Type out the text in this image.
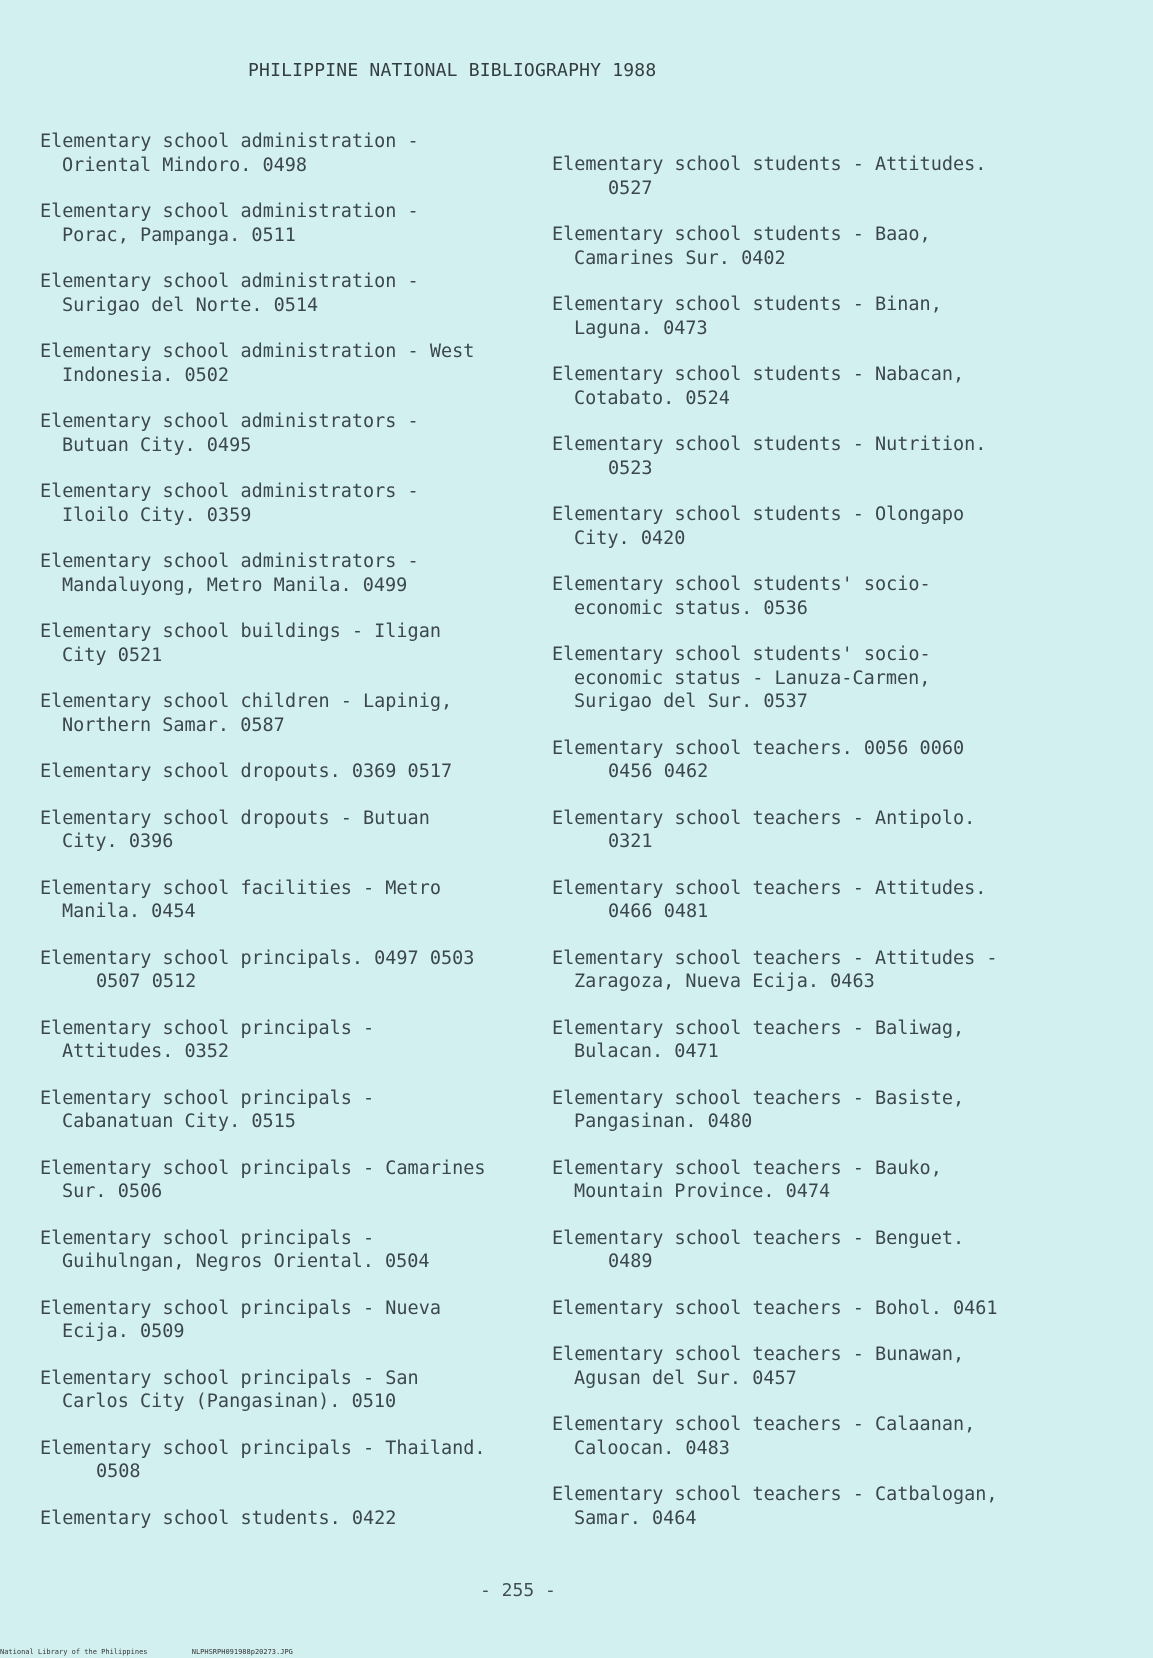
PHILIPPINE NATIONAL BIBLIOGRAPHY 1988
Elementary school administration -
Oriental Mindoro. 0498
Elementary school administration -
Porac, Pampanga. 0511
Elementary school administration -
Surigao del Norte. 0514
Elementary school administration - West
Indonesia. 0502
Elementary school administrators -
Butuan City. 0495
Elementary school administrators -
Iloilo City. 0359
Elementary school administrators -
Mandaluyong, Metro Manila. 0499
Elementary school buildings - Iligan
City 0521
Elementary school children - Lapinig,
Northern Samar. 0587
Elementary school dropouts. 0369 0517
Elementary school dropouts - Butuan
City. 0396
Elementary school facilities - Metro
Manila. 0454
Elementary school principals. 0497 0503
0507 0512
Elementary school principals -
Attitudes. 0352
Elementary school principals -
Cabanatuan City. 0515
Elementary school principals - Camarines
Sur. 0506
Elementary school principals -
Guihulngan, Negros Oriental. 0504
Elementary school principals - Nueva
Ecija. 0509
Elementary school principals - San
Carlos City (Pangasinan). 0510
Elementary school principals - Thailand.
0508
Elementary school students. 0422
Elementary school students - Attitudes.
0527
Elementary school students - Baao,
Camarines Sur. 0402
Elementary school students - Binan,
Laguna. 0473
Elementary school students - Nabacan,
Cotabato. 0524
Elementary school students - Nutrition.
0523
Elementary school students - Olongapo
City. 0420
Elementary school students' socio-
economic status. 0536
Elementary school students' socio-
economic status - Lanuza-Carmen,
Surigao del Sur. 0537
Elementary school teachers. 0056 0060
0456 0462
Elementary school teachers - Antipolo.
0321
Elementary school teachers - Attitudes.
0466 0481
Elementary school teachers - Attitudes -
Zaragoza, Nueva Ecija. 0463
Elementary school teachers - Baliwag,
Bulacan. 0471
Elementary school teachers - Basiste,
Pangasinan. 0480
Elementary school teachers - Bauko,
Mountain Province. 0474
Elementary school teachers - Benguet.
0489
Elementary school teachers - Bohol. 0461
Elementary school teachers - Bunawan,
Agusan del Sur. 0457
Elementary school teachers - Calaanan,
Caloocan. 0483
Elementary school teachers - Catbalogan,
Samar. 0464
- 255 -
National Library of the Philippines	NLPHSRPH091988p20273.JPG
